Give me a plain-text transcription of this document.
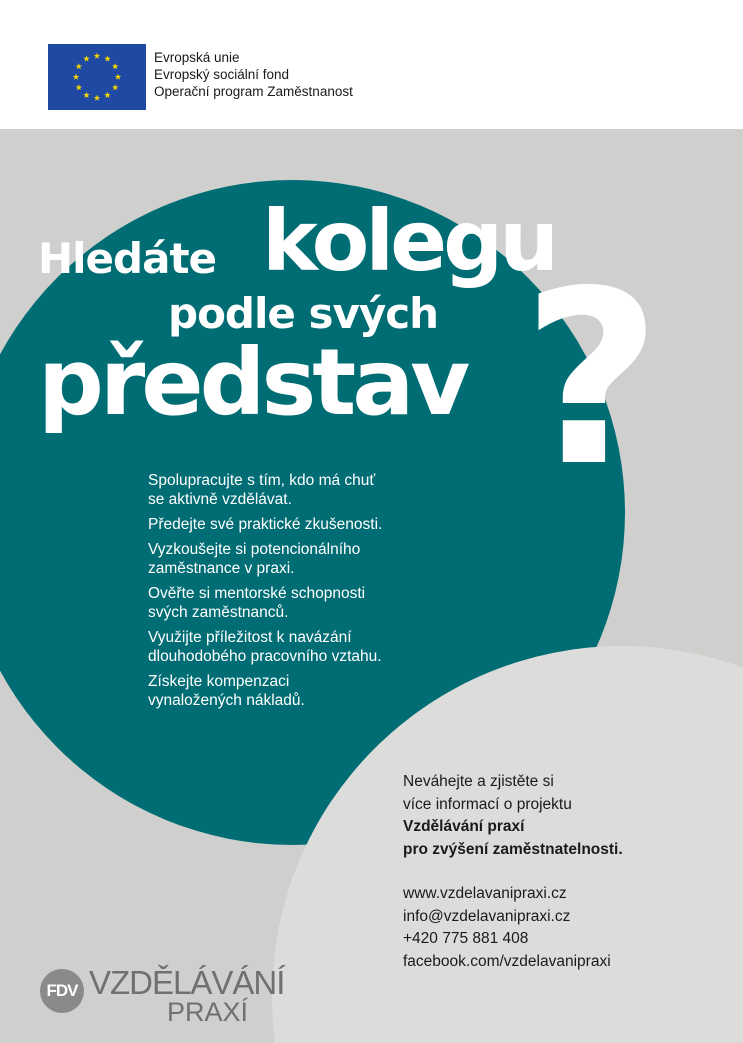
Evropská unie
Evropský sociální fond
Operační program Zaměstnanost
Hledáte kolegu
podle svých
představ ?
Spolupracujte s tím, kdo má chuť
se aktivně vzdělávat.
Předejte své praktické zkušenosti.
Vyzkoušejte si potencionálního
zaměstnance v praxi.
Ověřte si mentorské schopnosti
svých zaměstnanců.
Využijte příležitost k navázání
dlouhodobého pracovního vztahu.
Získejte kompenzaci
vynaložených nákladů.
Neváhejte a zjistěte si
více informací o projektu
Vzdělávání praxí
pro zvýšení zaměstnatelnosti.
www.vzdelavanipraxi.cz
info@vzdelavanipraxi.cz
+420 775 881 408
facebook.com/vzdelavanipraxi
FDV VZDĚLÁVÁNÍ
PRAXÍ
